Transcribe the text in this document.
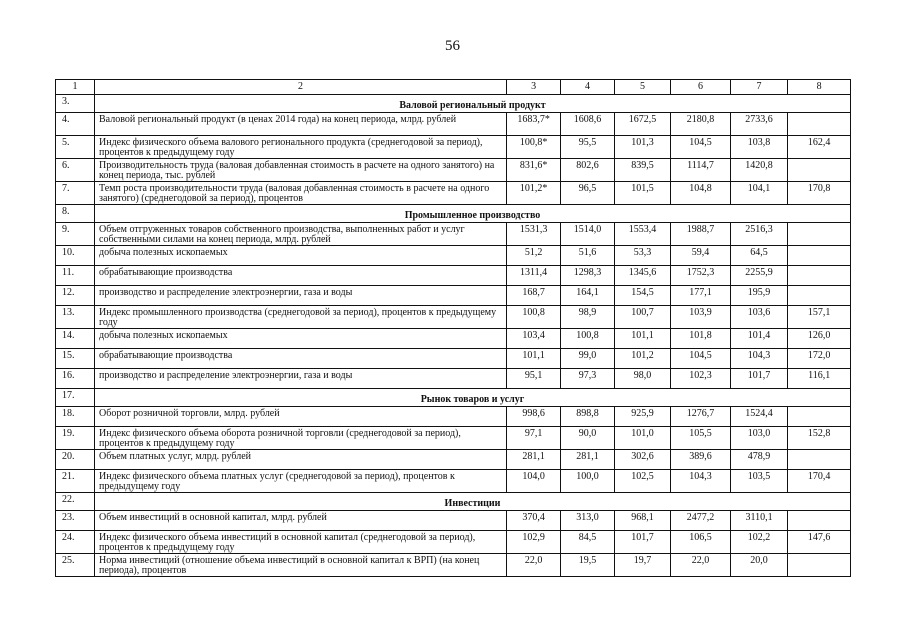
56
1	2	3	4	5	6	7	8
3.	Валовой региональный продукт						
4.	Валовой региональный продукт (в ценах 2014 года) на конец периода, млрд. рублей	1683,7*	1608,6	1672,5	2180,8	2733,6	
5.	Индекс физического объема валового регионального продукта (среднегодовой за период), процентов к предыдущему году	100,8*	95,5	101,3	104,5	103,8	162,4
6.	Производительность труда (валовая добавленная стоимость в расчете на одного занятого) на конец периода, тыс. рублей	831,6*	802,6	839,5	1114,7	1420,8	
7.	Темп роста производительности труда (валовая добавленная стоимость в расчете на одного занятого) (среднегодовой за период), процентов	101,2*	96,5	101,5	104,8	104,1	170,8
8.	Промышленное производство						
9.	Объем отгруженных товаров собственного производства, выполненных работ и услуг собственными силами на конец периода, млрд. рублей	1531,3	1514,0	1553,4	1988,7	2516,3	
10.	добыча полезных ископаемых	51,2	51,6	53,3	59,4	64,5	
11.	обрабатывающие производства	1311,4	1298,3	1345,6	1752,3	2255,9	
12.	производство и распределение электроэнергии, газа и воды	168,7	164,1	154,5	177,1	195,9	
13.	Индекс промышленного производства (среднегодовой за период), процентов к предыдущему году	100,8	98,9	100,7	103,9	103,6	157,1
14.	добыча полезных ископаемых	103,4	100,8	101,1	101,8	101,4	126,0
15.	обрабатывающие производства	101,1	99,0	101,2	104,5	104,3	172,0
16.	производство и распределение электроэнергии, газа и воды	95,1	97,3	98,0	102,3	101,7	116,1
17.	Рынок товаров и услуг						
18.	Оборот розничной торговли, млрд. рублей	998,6	898,8	925,9	1276,7	1524,4	
19.	Индекс физического объема оборота розничной торговли (среднегодовой за период), процентов к предыдущему году	97,1	90,0	101,0	105,5	103,0	152,8
20.	Объем платных услуг, млрд. рублей	281,1	281,1	302,6	389,6	478,9	
21.	Индекс физического объема платных услуг (среднегодовой за период), процентов к предыдущему году	104,0	100,0	102,5	104,3	103,5	170,4
22.	Инвестиции						
23.	Объем инвестиций в основной капитал, млрд. рублей	370,4	313,0	968,1	2477,2	3110,1	
24.	Индекс физического объема инвестиций в основной капитал (среднегодовой за период), процентов к предыдущему году	102,9	84,5	101,7	106,5	102,2	147,6
25.	Норма инвестиций (отношение объема инвестиций в основной капитал к ВРП) (на конец периода), процентов	22,0	19,5	19,7	22,0	20,0	
